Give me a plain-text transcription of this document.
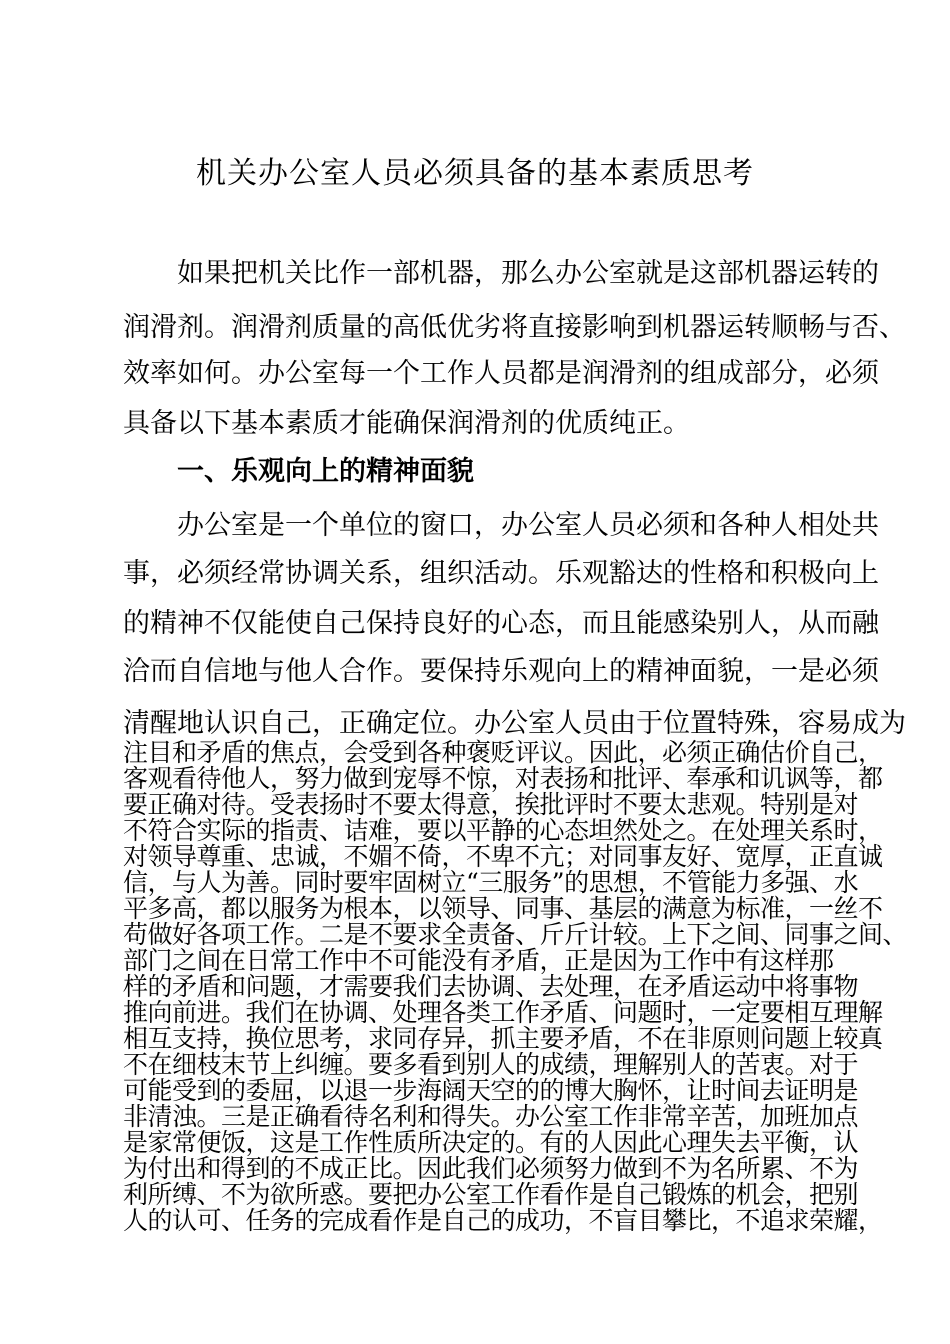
机关办公室人员必须具备的基本素质思考

如果把机关比作一部机器，那么办公室就是这部机器运转的

润滑剂。润滑剂质量的高低优劣将直接影响到机器运转顺畅与否、

效率如何。办公室每一个工作人员都是润滑剂的组成部分，必须

具备以下基本素质才能确保润滑剂的优质纯正。

一、乐观向上的精神面貌

办公室是一个单位的窗口，办公室人员必须和各种人相处共

事，必须经常协调关系，组织活动。乐观豁达的性格和积极向上

的精神不仅能使自己保持良好的心态，而且能感染别人，从而融

洽而自信地与他人合作。要保持乐观向上的精神面貌，一是必须

清醒地认识自己，正确定位。办公室人员由于位置特殊，容易成为

注目和矛盾的焦点，会受到各种褒贬评议。因此，必须正确估价自己，

客观看待他人，努力做到宠辱不惊，对表扬和批评、奉承和讥讽等，都

要正确对待。受表扬时不要太得意，挨批评时不要太悲观。特别是对

不符合实际的指责、诘难，要以平静的心态坦然处之。在处理关系时，

对领导尊重、忠诚，不媚不倚，不卑不亢；对同事友好、宽厚，正直诚

信，与人为善。同时要牢固树立“三服务”的思想，不管能力多强、水

平多高，都以服务为根本，以领导、同事、基层的满意为标准，一丝不

苟做好各项工作。二是不要求全责备、斤斤计较。上下之间、同事之间、

部门之间在日常工作中不可能没有矛盾，正是因为工作中有这样那

样的矛盾和问题，才需要我们去协调、去处理，在矛盾运动中将事物

推向前进。我们在协调、处理各类工作矛盾、问题时，一定要相互理解

相互支持，换位思考，求同存异，抓主要矛盾，不在非原则问题上较真

不在细枝末节上纠缠。要多看到别人的成绩，理解别人的苦衷。对于

可能受到的委屈，以退一步海阔天空的的博大胸怀，让时间去证明是

非清浊。三是正确看待名利和得失。办公室工作非常辛苦，加班加点

是家常便饭，这是工作性质所决定的。有的人因此心理失去平衡，认

为付出和得到的不成正比。因此我们必须努力做到不为名所累、不为

利所缚、不为欲所惑。要把办公室工作看作是自己锻炼的机会，把别

人的认可、任务的完成看作是自己的成功，不盲目攀比，不追求荣耀，
